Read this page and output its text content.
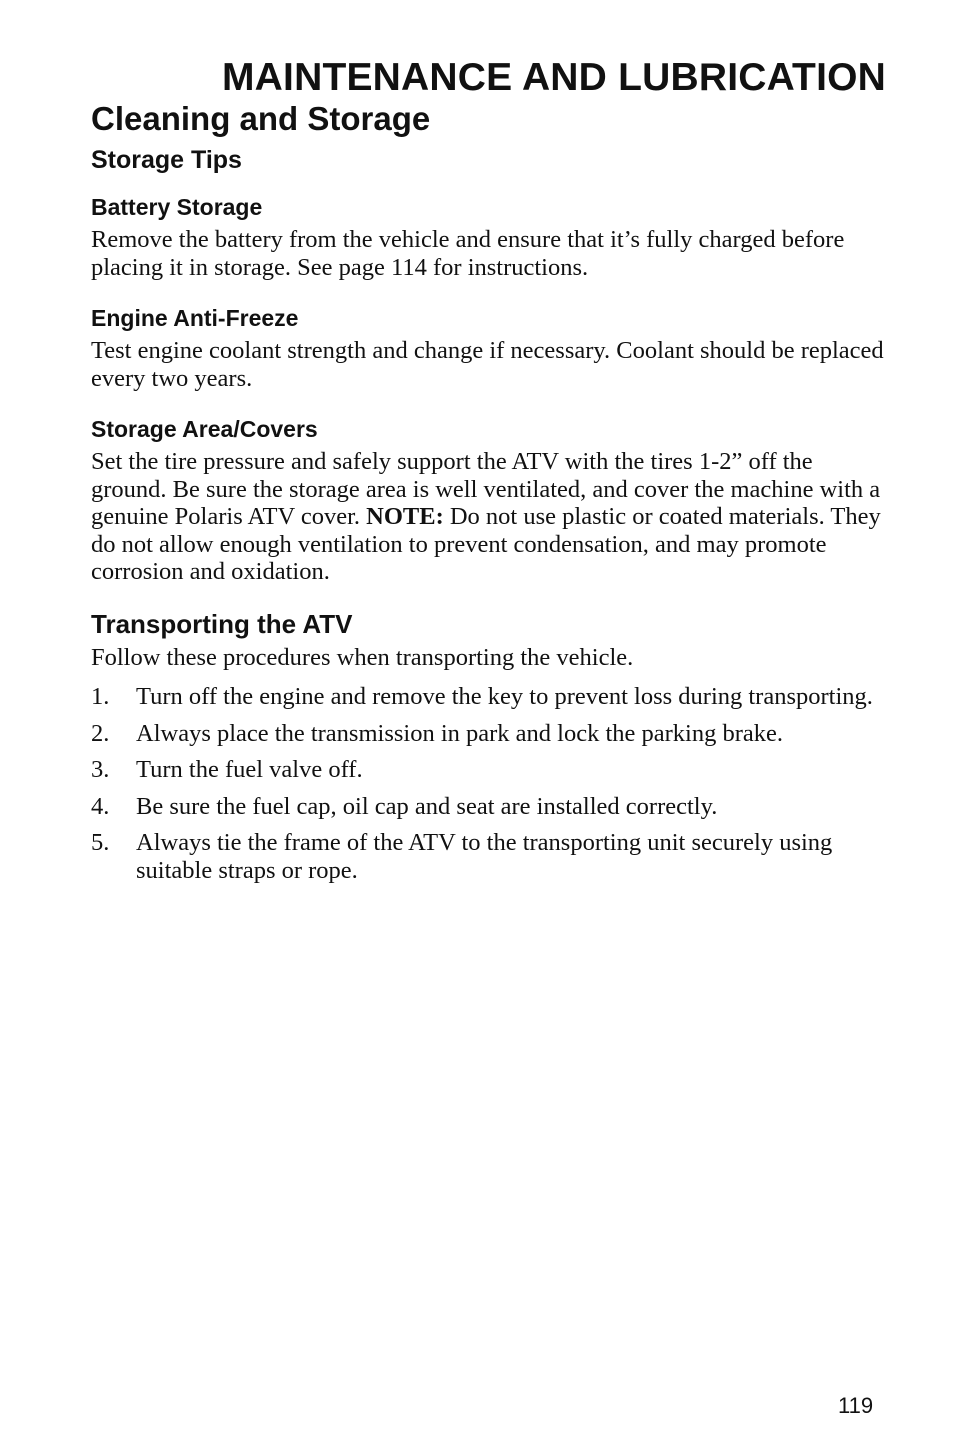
MAINTENANCE AND LUBRICATION
Cleaning and Storage
Storage Tips
Battery Storage

Remove the battery from the vehicle and ensure that it’s fully charged before placing it in storage. See page 114 for instructions.

Engine Anti-Freeze

Test engine coolant strength and change if necessary. Coolant should be replaced every two years.

Storage Area/Covers

Set the tire pressure and safely support the ATV with the tires 1-2” off the ground. Be sure the storage area is well ventilated, and cover the machine with a genuine Polaris ATV cover. NOTE: Do not use plastic or coated materials. They do not allow enough ventilation to prevent condensation, and may promote corrosion and oxidation.

Transporting the ATV

Follow these procedures when transporting the vehicle.

1.	Turn off the engine and remove the key to prevent loss during transporting.
2.	Always place the transmission in park and lock the parking brake.
3.	Turn the fuel valve off.
4.	Be sure the fuel cap, oil cap and seat are installed correctly.
5.	Always tie the frame of the ATV to the transporting unit securely using suitable straps or rope.
119
